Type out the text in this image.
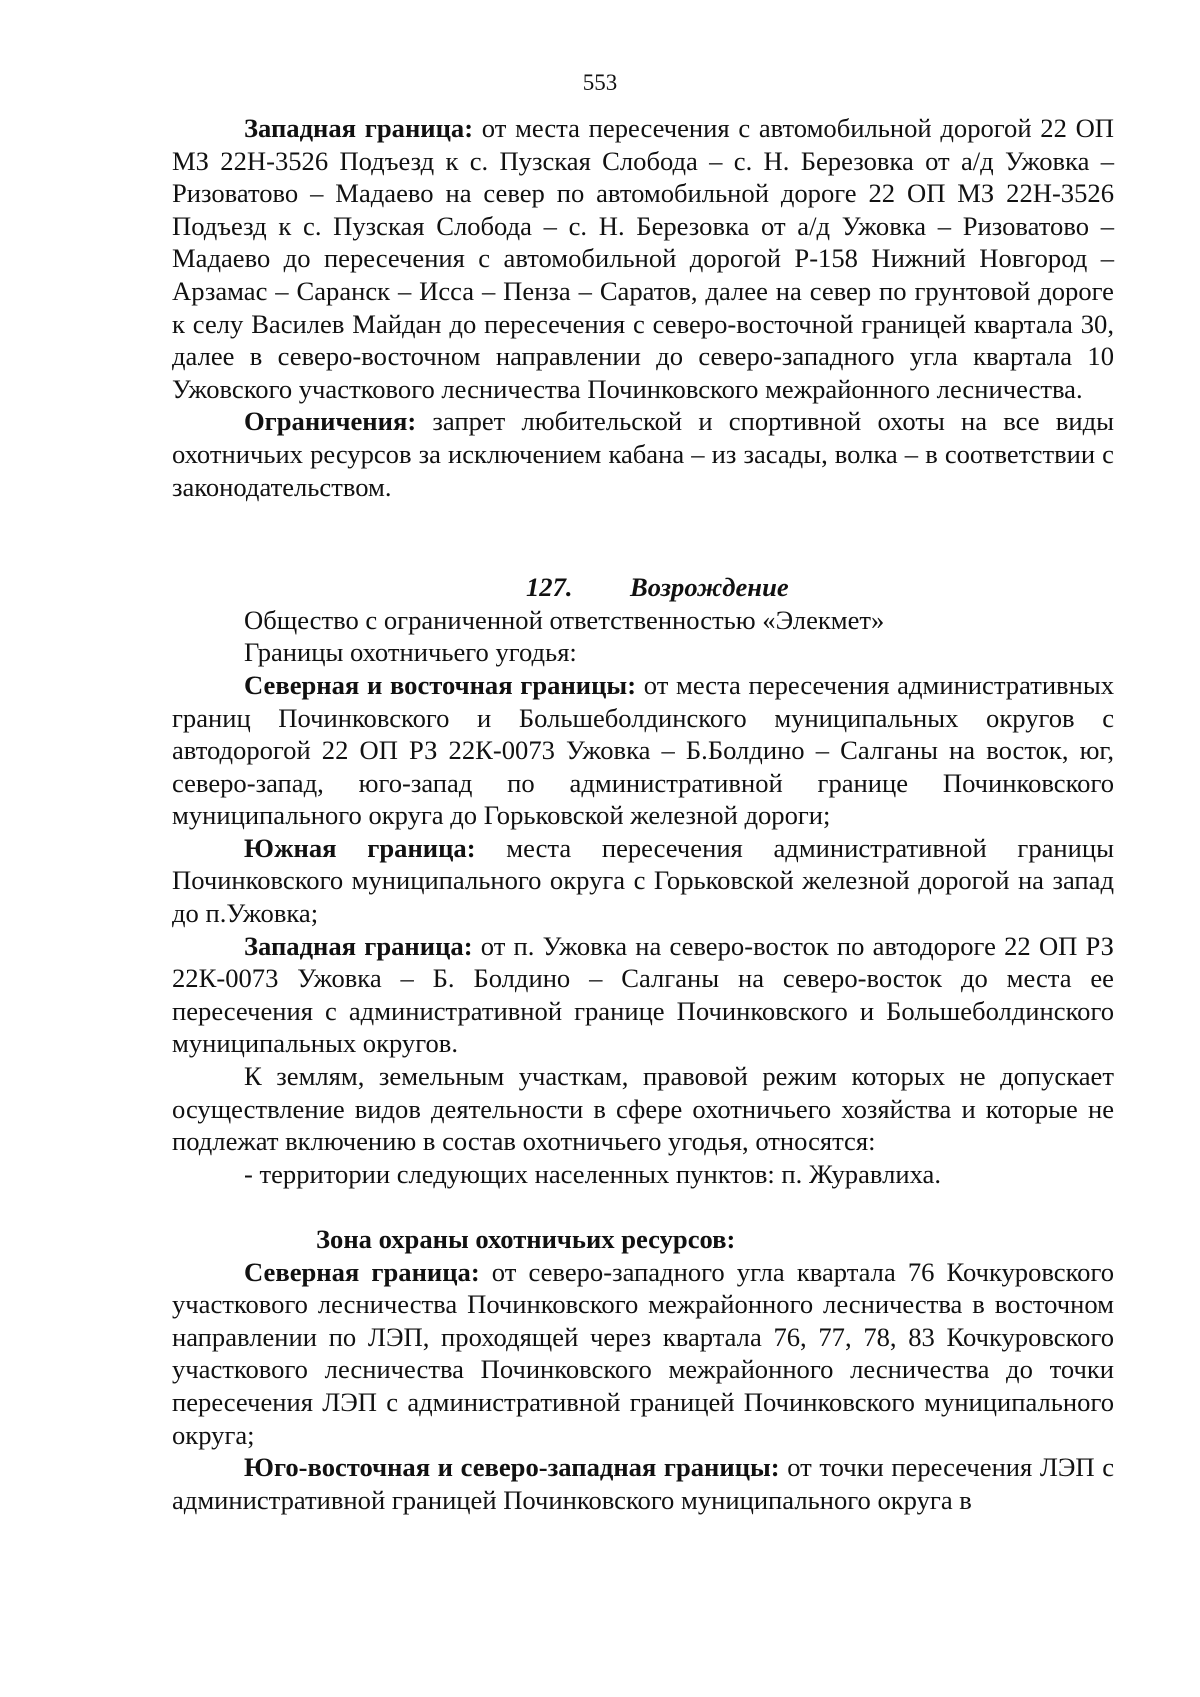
553

Западная граница: от места пересечения с автомобильной дорогой 22 ОП МЗ 22Н-3526 Подъезд к с. Пузская Слобода – с. Н. Березовка от а/д Ужовка – Ризоватово – Мадаево на север по автомобильной дороге 22 ОП МЗ 22Н-3526 Подъезд к с. Пузская Слобода – с. Н. Березовка от а/д Ужовка – Ризоватово – Мадаево до пересечения с автомобильной дорогой Р-158 Нижний Новгород – Арзамас – Саранск – Исса – Пенза – Саратов, далее на север по грунтовой дороге к селу Василев Майдан до пересечения с северо-восточной границей квартала 30, далее в северо-восточном направлении до северо-западного угла квартала 10 Ужовского участкового лесничества Починковского межрайонного лесничества.

Ограничения: запрет любительской и спортивной охоты на все виды охотничьих ресурсов за исключением кабана – из засады, волка – в соответствии с законодательством.

127. Возрождение

Общество с ограниченной ответственностью «Элекмет»

Границы охотничьего угодья:

Северная и восточная границы: от места пересечения административных границ Починковского и Большеболдинского муниципальных округов с автодорогой 22 ОП РЗ 22К-0073 Ужовка – Б.Болдино – Салганы на восток, юг, северо-запад, юго-запад по административной границе Починковского муниципального округа до Горьковской железной дороги;

Южная граница: места пересечения административной границы Починковского муниципального округа с Горьковской железной дорогой на запад до п.Ужовка;

Западная граница: от п. Ужовка на северо-восток по автодороге 22 ОП РЗ 22К-0073 Ужовка – Б. Болдино – Салганы на северо-восток до места ее пересечения с административной границе Починковского и Большеболдинского муниципальных округов.

К землям, земельным участкам, правовой режим которых не допускает осуществление видов деятельности в сфере охотничьего хозяйства и которые не подлежат включению в состав охотничьего угодья, относятся:

- территории следующих населенных пунктов: п. Журавлиха.

Зона охраны охотничьих ресурсов:

Северная граница: от северо-западного угла квартала 76 Кочкуровского участкового лесничества Починковского межрайонного лесничества в восточном направлении по ЛЭП, проходящей через квартала 76, 77, 78, 83 Кочкуровского участкового лесничества Починковского межрайонного лесничества до точки пересечения ЛЭП с административной границей Починковского муниципального округа;

Юго-восточная и северо-западная границы: от точки пересечения ЛЭП с административной границей Починковского муниципального округа в
